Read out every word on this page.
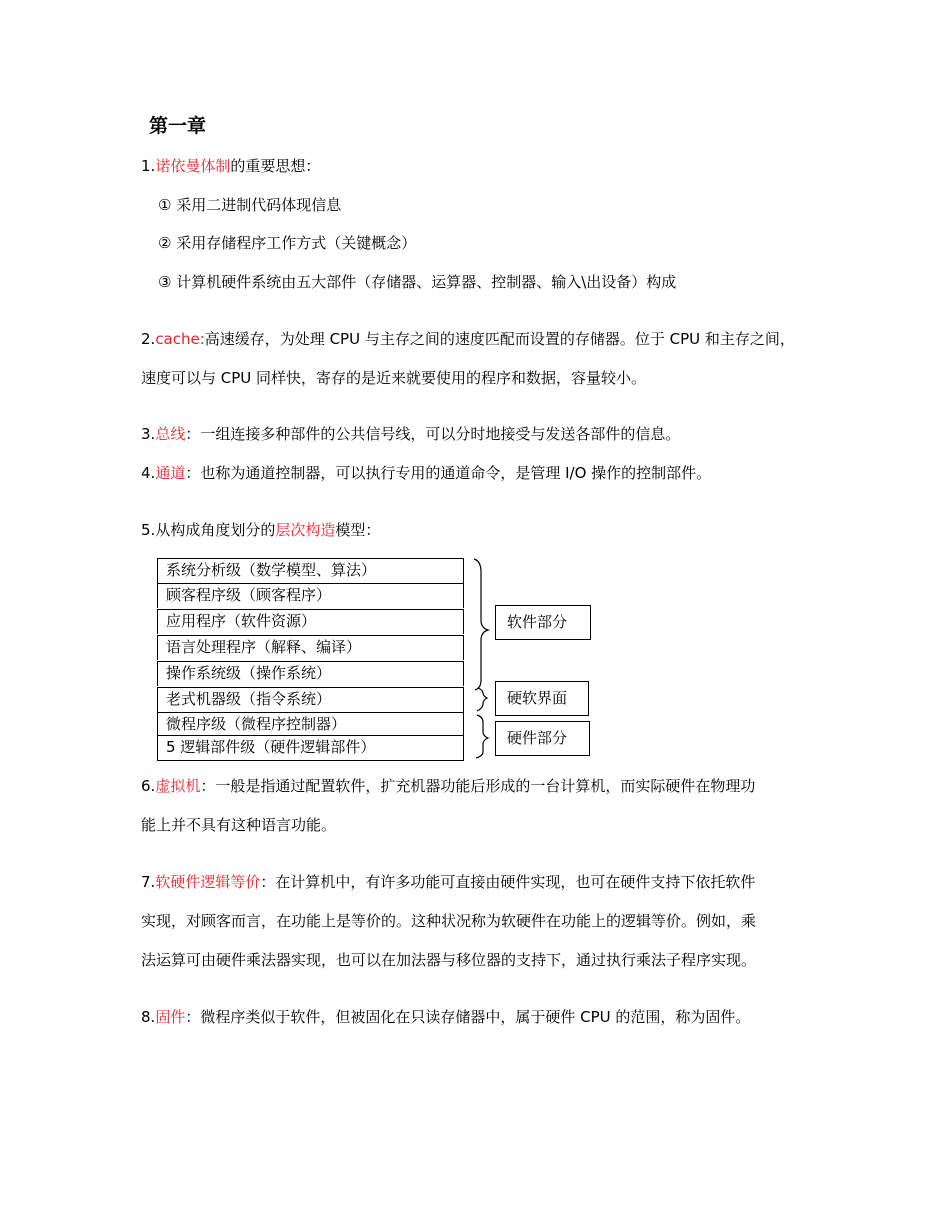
第一章
1.诺依曼体制的重要思想：
① 采用二进制代码体现信息
② 采用存储程序工作方式（关键概念）
③ 计算机硬件系统由五大部件（存储器、运算器、控制器、输入\出设备）构成
2.cache:高速缓存，为处理 CPU 与主存之间的速度匹配而设置的存储器。位于 CPU 和主存之间，
速度可以与 CPU 同样快，寄存的是近来就要使用的程序和数据，容量较小。
3.总线：一组连接多种部件的公共信号线，可以分时地接受与发送各部件的信息。
4.通道：也称为通道控制器，可以执行专用的通道命令，是管理 I/O 操作的控制部件。
5.从构成角度划分的层次构造模型：
系统分析级（数学模型、算法）
顾客程序级（顾客程序）
应用程序（软件资源）
语言处理程序（解释、编译）
操作系统级（操作系统）
老式机器级（指令系统）
微程序级（微程序控制器）
5 逻辑部件级（硬件逻辑部件）
软件部分
硬软界面
硬件部分
6.虚拟机：一般是指通过配置软件，扩充机器功能后形成的一台计算机，而实际硬件在物理功
能上并不具有这种语言功能。
7.软硬件逻辑等价：在计算机中，有许多功能可直接由硬件实现，也可在硬件支持下依托软件
实现，对顾客而言，在功能上是等价的。这种状况称为软硬件在功能上的逻辑等价。例如，乘
法运算可由硬件乘法器实现，也可以在加法器与移位器的支持下，通过执行乘法子程序实现。
8.固件：微程序类似于软件，但被固化在只读存储器中，属于硬件 CPU 的范围，称为固件。
